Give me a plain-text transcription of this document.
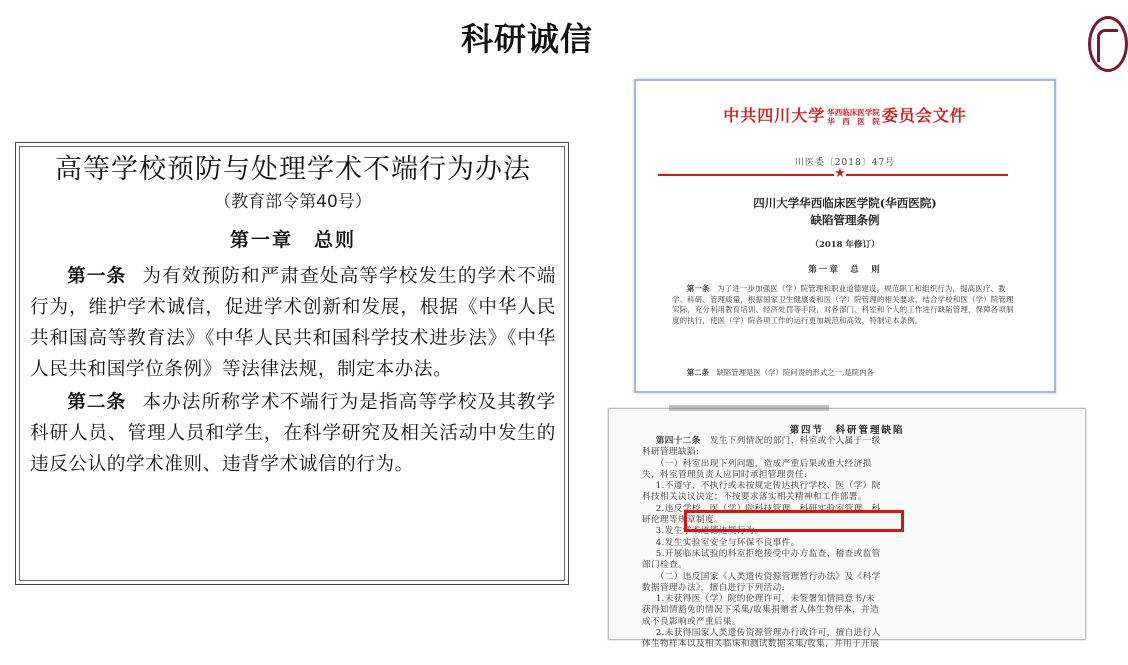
科研诚信
高等学校预防与处理学术不端行为办法
（教育部令第40号）
第一章　总则

第一条 为有效预防和严肃查处高等学校发生的学术不端行为，维护学术诚信，促进学术创新和发展，根据《中华人民共和国高等教育法》《中华人民共和国科学技术进步法》《中华人民共和国学位条例》等法律法规，制定本办法。

第二条 本办法所称学术不端行为是指高等学校及其教学科研人员、管理人员和学生，在科学研究及相关活动中发生的违反公认的学术准则、违背学术诚信的行为。

中共四川大学 华西临床医学院
华　西　医　院 委员会文件
川医委〔2018〕47号
★
四川大学华西临床医学院(华西医院)
缺陷管理条例
（2018 年修订）
第一章　总　则

第一条　 为了进一步加强医（学）院管理和职业道德建设，规范职工和组织行为，提高医疗、教学、科研、管理质量，根据国家卫生健康委和医（学）院管理的相关要求，结合学校和医（学）院管理实际，充分利用教育培训、经济处罚等手段，对各部门、科室和个人的工作进行缺陷管理，保障各项制度的执行，使医（学）院各项工作的运行更加规范和高效，特制定本条例。

第二条　 缺陷管理是医（学）院问责的形式之一,是院内各

第四节　科研管理缺陷

第四十二条　 发生下列情况的部门、科室或个人属于一级

科研管理缺陷:

（一）科室出现下列问题，造成严重后果或重大经济损

失，科室管理负责人应同时承担管理责任:

1.不遵守、不执行或未按规定传达执行学校、医（学）院

科技相关决议决定；不按要求落实相关精神和工作部署。

2.违反学校、医（学）院科技管理、科研实验室管理、科

研伦理等规章制度。

3.发生学术道德违规行为。

4.发生实验室安全与环保不良事件。

5.开展临床试验的科室拒绝接受中办方监查、稽查或监管

部门检查。

（二）违反国家《人类遗传资源管理暂行办法》及《科学

数据管理办法》，擅自进行下列活动:

1.未获得医（学）院的伦理许可，未签署知情同意书/未

获得知情豁免的情况下采集/收集捐赠者人体生物样本，并造

成不良影响或严重后果。

2.未获得国家人类遗传资源管理办行政许可，擅自进行人

体生物样本以及相关临床和测试数据采集/收集，并用于开展
